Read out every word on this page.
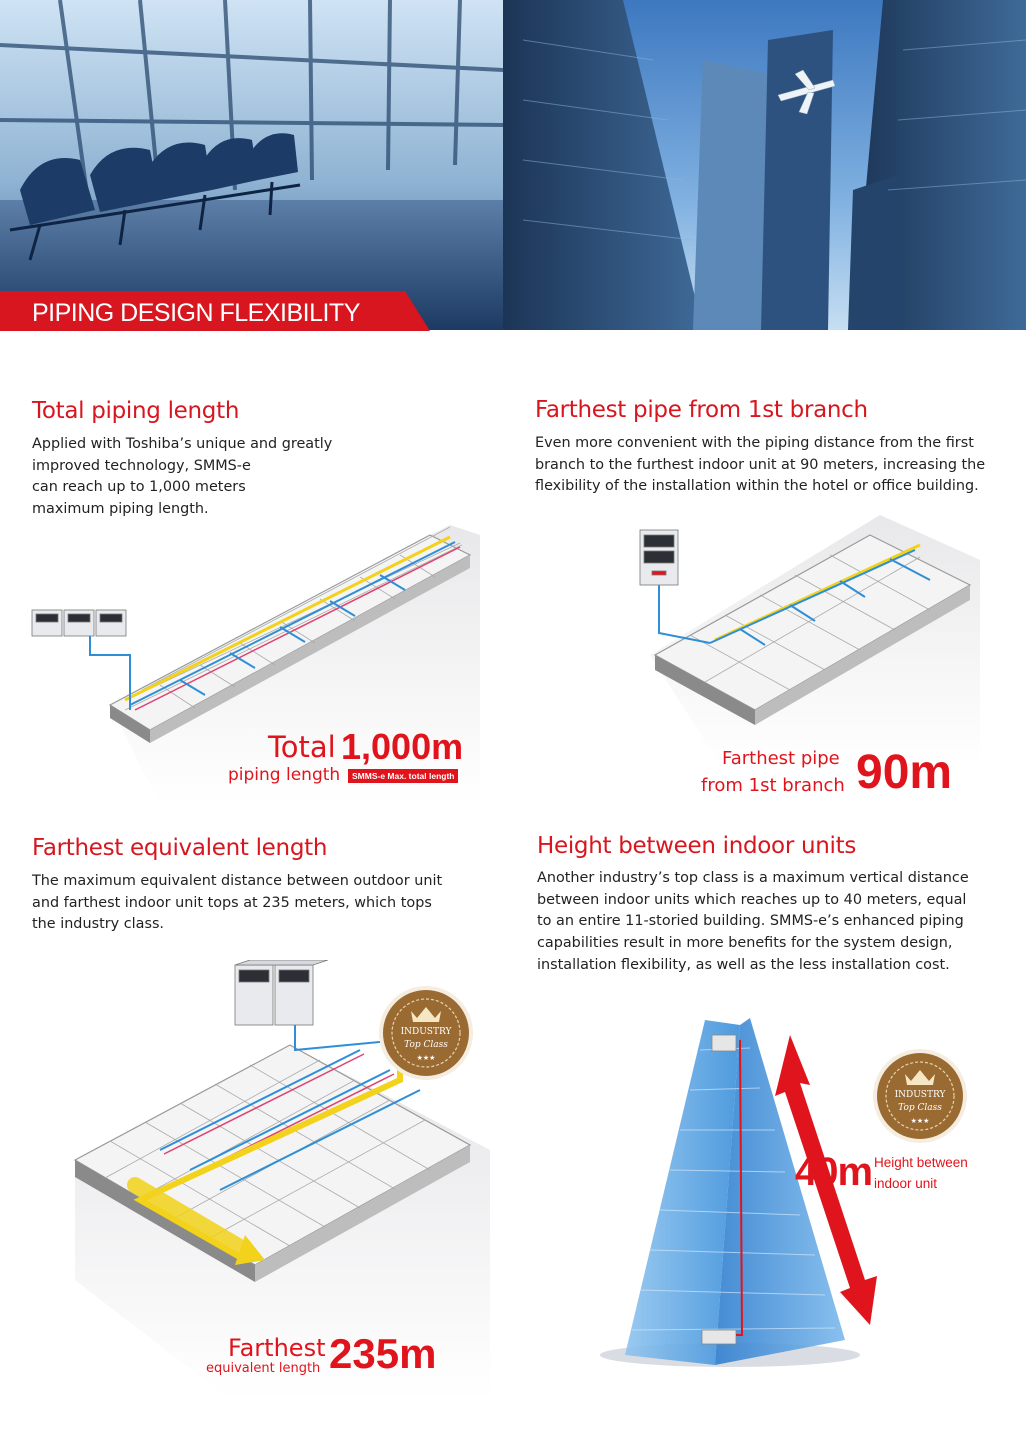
PIPING DESIGN FLEXIBILITY
Total piping length

Applied with Toshiba’s unique and greatly

improved technology, SMMS-e

can reach up to 1,000 meters

maximum piping length.

Total 1,000m
piping length	SMMS-e Max. total length
Farthest pipe from 1st branch

Even more convenient with the piping distance from the first

branch to the furthest indoor unit at 90 meters, increasing the

flexibility of the installation within the hotel or office building.

Farthest pipe
from 1st branch 90m
Farthest equivalent length

The maximum equivalent distance between outdoor unit

and farthest indoor unit tops at 235 meters, which tops

the industry class.

INDUSTRY
Top Class
★★★
Farthest
equivalent length 235m
Height between indoor units

Another industry’s top class is a maximum vertical distance

between indoor units which reaches up to 40 meters, equal

to an entire 11-storied building. SMMS-e’s enhanced piping

capabilities result in more benefits for the system design,

installation flexibility, as well as the less installation cost.

INDUSTRY
Top Class
★★★
40m Height between
indoor unit
